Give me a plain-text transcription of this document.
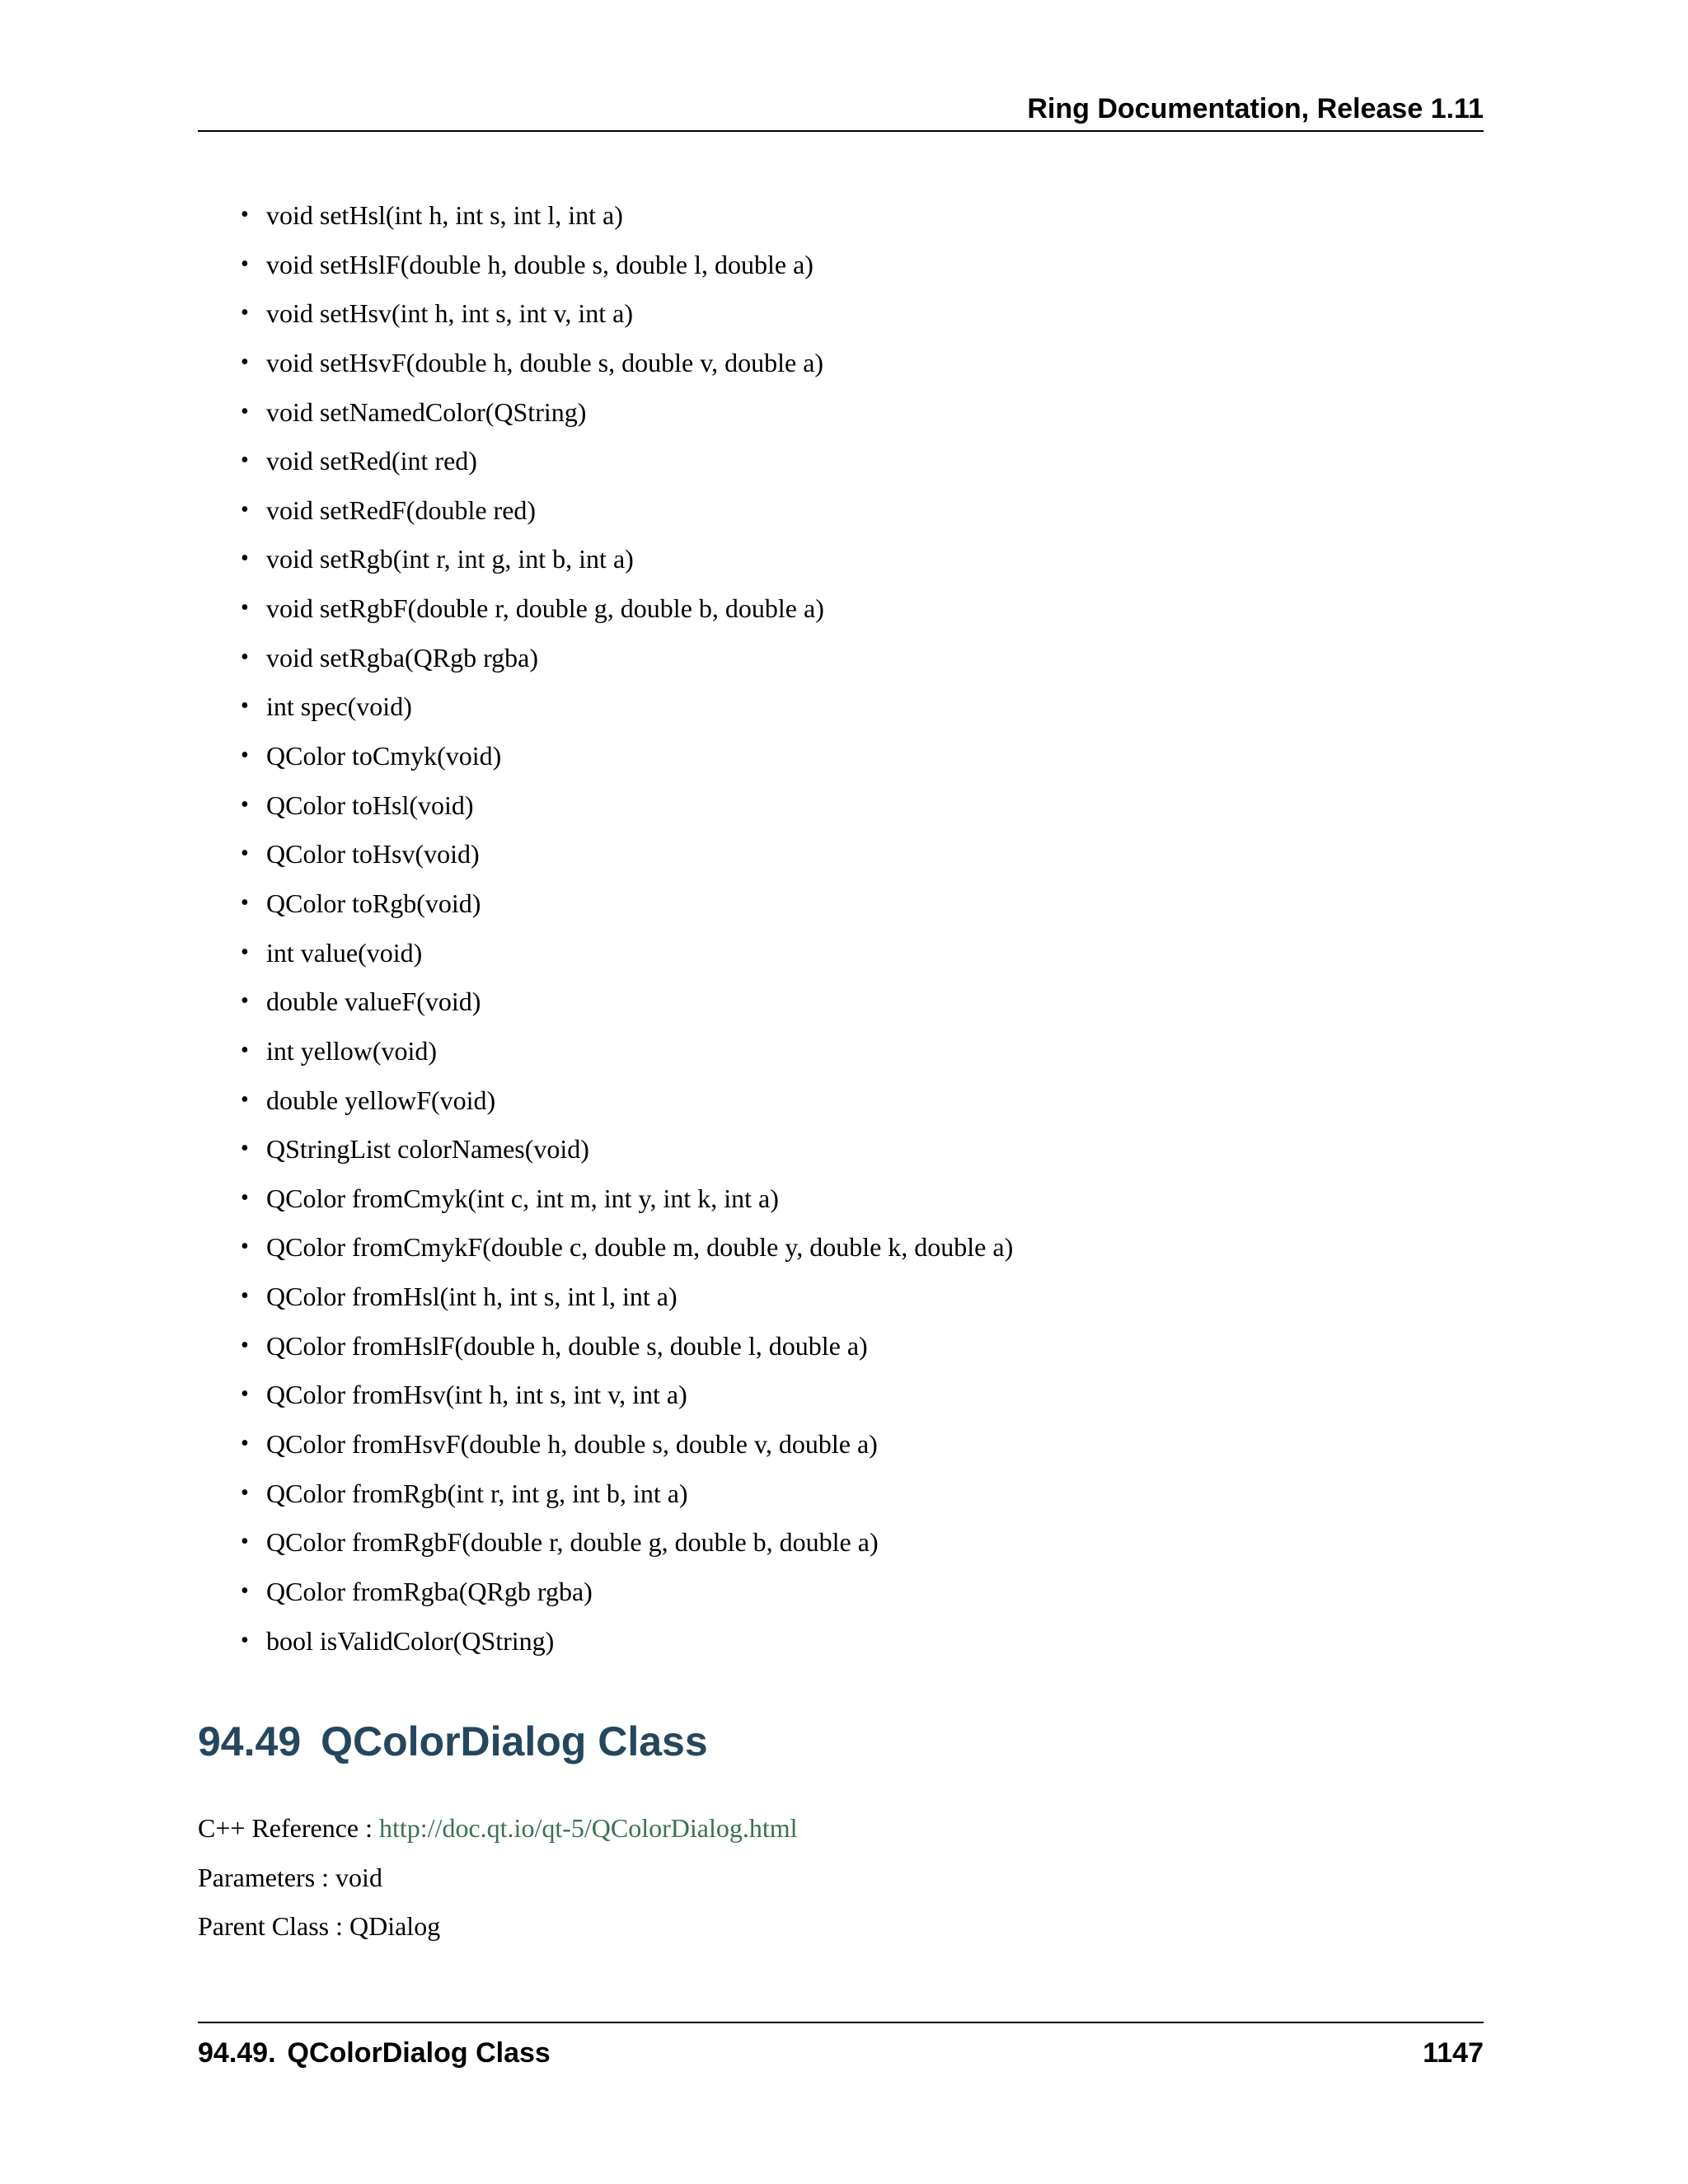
Ring Documentation, Release 1.11
• void setHsl(int h, int s, int l, int a)
• void setHslF(double h, double s, double l, double a)
• void setHsv(int h, int s, int v, int a)
• void setHsvF(double h, double s, double v, double a)
• void setNamedColor(QString)
• void setRed(int red)
• void setRedF(double red)
• void setRgb(int r, int g, int b, int a)
• void setRgbF(double r, double g, double b, double a)
• void setRgba(QRgb rgba)
• int spec(void)
• QColor toCmyk(void)
• QColor toHsl(void)
• QColor toHsv(void)
• QColor toRgb(void)
• int value(void)
• double valueF(void)
• int yellow(void)
• double yellowF(void)
• QStringList colorNames(void)
• QColor fromCmyk(int c, int m, int y, int k, int a)
• QColor fromCmykF(double c, double m, double y, double k, double a)
• QColor fromHsl(int h, int s, int l, int a)
• QColor fromHslF(double h, double s, double l, double a)
• QColor fromHsv(int h, int s, int v, int a)
• QColor fromHsvF(double h, double s, double v, double a)
• QColor fromRgb(int r, int g, int b, int a)
• QColor fromRgbF(double r, double g, double b, double a)
• QColor fromRgba(QRgb rgba)
• bool isValidColor(QString)
94.49 QColorDialog Class
C++ Reference : http://doc.qt.io/qt-5/QColorDialog.html
Parameters : void
Parent Class : QDialog
94.49. QColorDialog Class	1147
